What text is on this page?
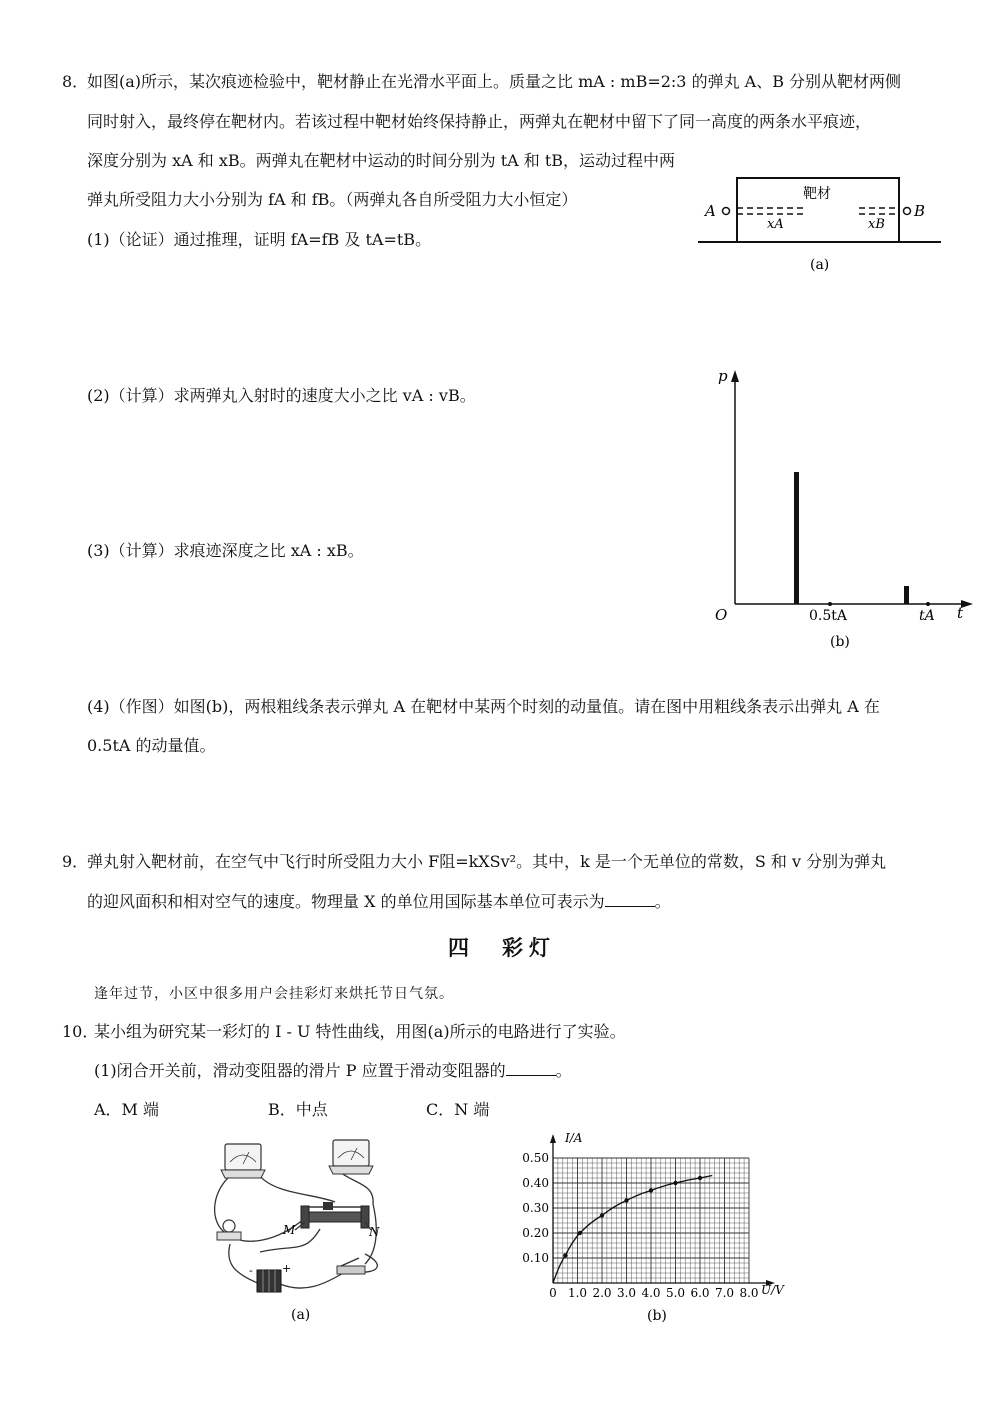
8．
如图(a)所示，某次痕迹检验中，靶材静止在光滑水平面上。质量之比 mA : mB=2:3 的弹丸 A、B 分别从靶材两侧
同时射入，最终停在靶材内。若该过程中靶材始终保持静止，两弹丸在靶材中留下了同一高度的两条水平痕迹，
深度分别为 xA 和 xB。两弹丸在靶材中运动的时间分别为 tA 和 tB，运动过程中两
弹丸所受阻力大小分别为 fA 和 fB。（两弹丸各自所受阻力大小恒定）
(1)（论证）通过推理，证明 fA=fB 及 tA=tB。
靶材
A
xA	xB
B
(a)
(2)（计算）求两弹丸入射时的速度大小之比 vA : vB。
(3)（计算）求痕迹深度之比 xA : xB。
p
t
O	0.5tA	tA
(b)
(4)（作图）如图(b)，两根粗线条表示弹丸 A 在靶材中某两个时刻的动量值。请在图中用粗线条表示出弹丸 A 在
0.5tA 的动量值。
9．
弹丸射入靶材前，在空气中飞行时所受阻力大小 F阻=kXSv²。其中，k 是一个无单位的常数，S 和 v 分别为弹丸
的迎风面积和相对空气的速度。物理量 X 的单位用国际基本单位可表示为	。
四　彩灯
逢年过节，小区中很多用户会挂彩灯来烘托节日气氛。
10．
某小组为研究某一彩灯的 I - U 特性曲线，用图(a)所示的电路进行了实验。
(1)闭合开关前，滑动变阻器的滑片 P 应置于滑动变阻器的	。
A．M 端	B．中点	C．N 端
M	N
-	+
(a)
0 1.0 2.0 3.0 4.0 5.0 6.0 7.0 8.0
0.10
0.20
0.30
0.40
0.50
I/A
U/V
(b)
